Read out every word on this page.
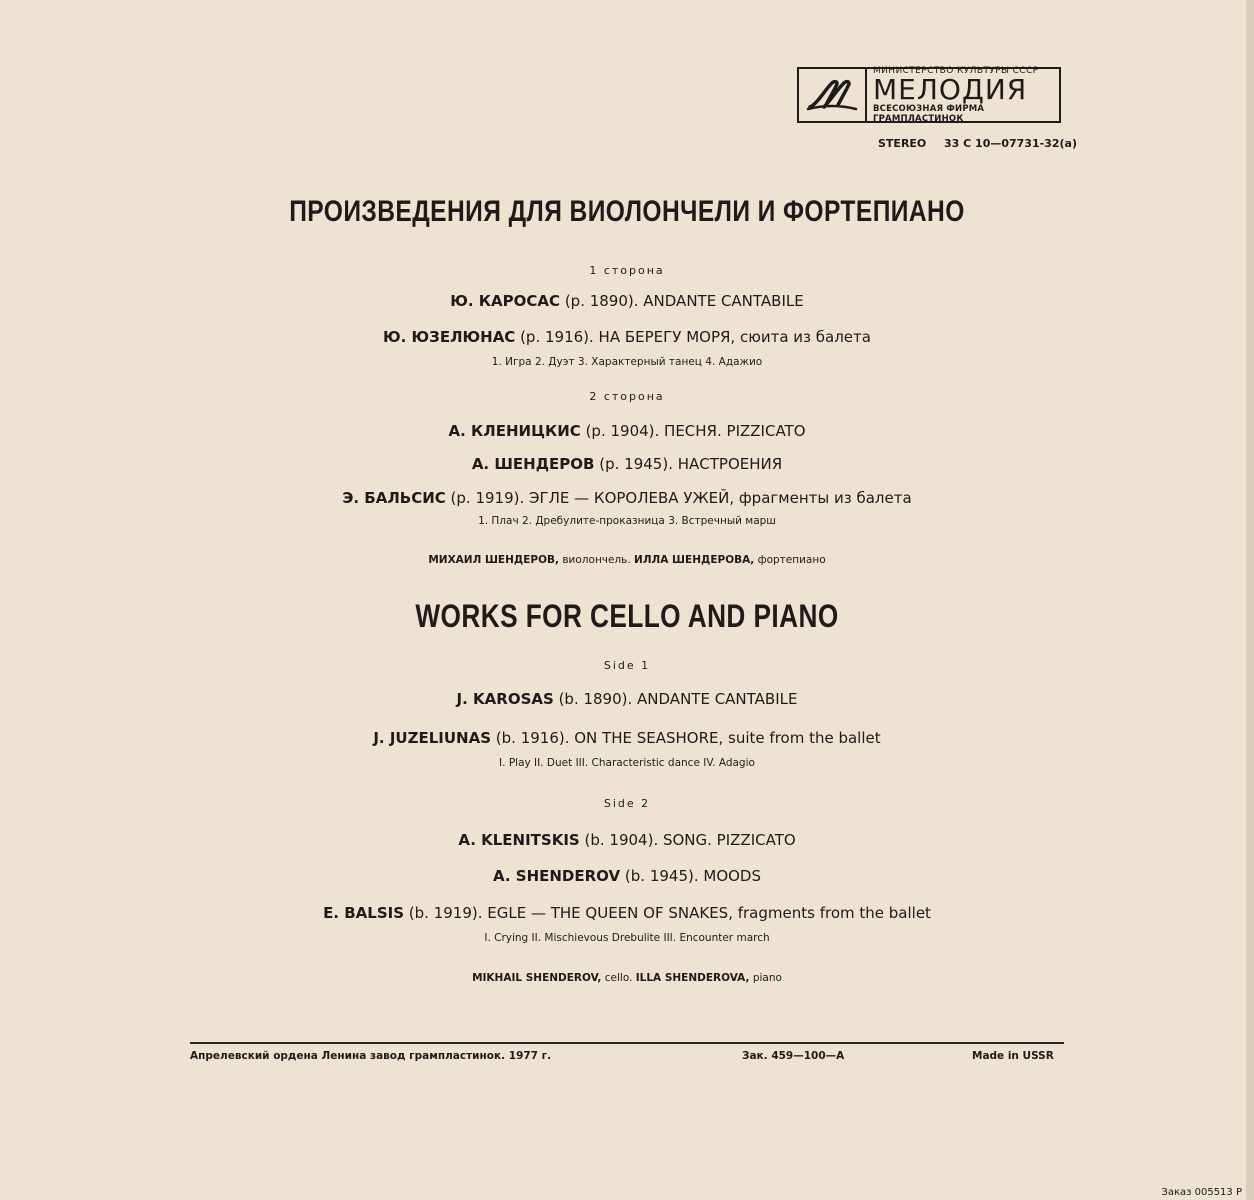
МИНИСТЕРСТВО КУЛЬТУРЫ СССР
МЕЛОДИЯ
ВСЕСОЮЗНАЯ ФИРМА ГРАМПЛАСТИНОК
STEREO 33 С 10—07731-32(а)
ПРОИЗВЕДЕНИЯ ДЛЯ ВИОЛОНЧЕЛИ И ФОРТЕПИАНО
1 сторона
Ю. КАРОСАС (р. 1890). ANDANTE CANTABILE
Ю. ЮЗЕЛЮНАС (р. 1916). НА БЕРЕГУ МОРЯ, сюита из балета
1. Игра 2. Дуэт 3. Характерный танец 4. Адажио
2 сторона
А. КЛЕНИЦКИС (р. 1904). ПЕСНЯ. PIZZICATO
А. ШЕНДЕРОВ (р. 1945). НАСТРОЕНИЯ
Э. БАЛЬСИС (р. 1919). ЭГЛЕ — КОРОЛЕВА УЖЕЙ, фрагменты из балета
1. Плач 2. Дребулите-проказница 3. Встречный марш
МИХАИЛ ШЕНДЕРОВ, виолончель. ИЛЛА ШЕНДЕРОВА, фортепиано
WORKS FOR CELLO AND PIANO
Side 1
J. KAROSAS (b. 1890). ANDANTE CANTABILE
J. JUZELIUNAS (b. 1916). ON THE SEASHORE, suite from the ballet
I. Play II. Duet III. Characteristic dance IV. Adagio
Side 2
A. KLENITSKIS (b. 1904). SONG. PIZZICATO
A. SHENDEROV (b. 1945). MOODS
E. BALSIS (b. 1919). EGLE — THE QUEEN OF SNAKES, fragments from the ballet
I. Crying II. Mischievous Drebulite III. Encounter march
MIKHAIL SHENDEROV, cello. ILLA SHENDEROVA, piano
Апрелевский ордена Ленина завод грампластинок. 1977 г.	Зак. 459—100—А	Made in USSR
Заказ 005513 Р
